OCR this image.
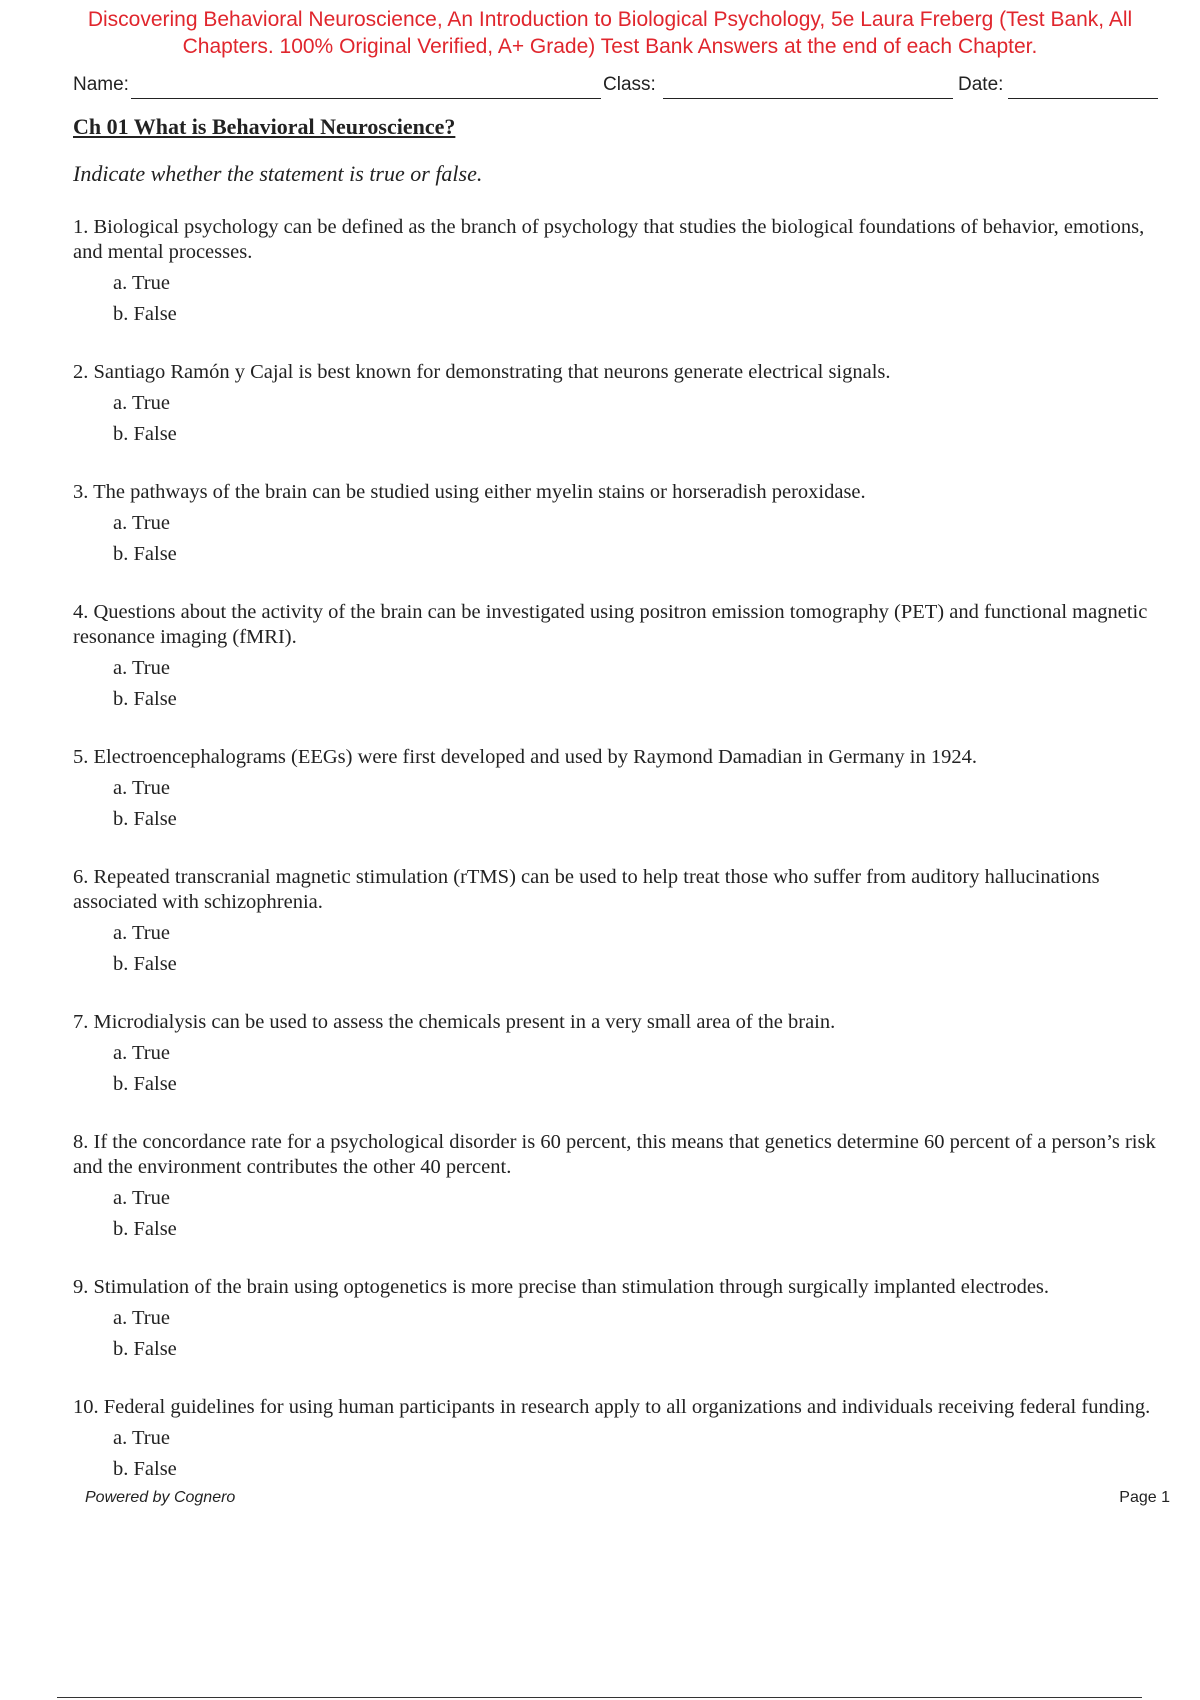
Discovering Behavioral Neuroscience, An Introduction to Biological Psychology, 5e Laura Freberg (Test Bank, All
Chapters. 100% Original Verified, A+ Grade) Test Bank Answers at the end of each Chapter.
Name:	Class:	Date:
Ch 01 What is Behavioral Neuroscience?
Indicate whether the statement is true or false.
1. Biological psychology can be defined as the branch of psychology that studies the biological foundations of behavior, emotions, and mental processes.
a. True
b. False
2. Santiago Ramón y Cajal is best known for demonstrating that neurons generate electrical signals.
a. True
b. False
3. The pathways of the brain can be studied using either myelin stains or horseradish peroxidase.
a. True
b. False
4. Questions about the activity of the brain can be investigated using positron emission tomography (PET) and functional magnetic resonance imaging (fMRI).
a. True
b. False
5. Electroencephalograms (EEGs) were first developed and used by Raymond Damadian in Germany in 1924.
a. True
b. False
6. Repeated transcranial magnetic stimulation (rTMS) can be used to help treat those who suffer from auditory hallucinations associated with schizophrenia.
a. True
b. False
7. Microdialysis can be used to assess the chemicals present in a very small area of the brain.
a. True
b. False
8. If the concordance rate for a psychological disorder is 60 percent, this means that genetics determine 60 percent of a person’s risk and the environment contributes the other 40 percent.
a. True
b. False
9. Stimulation of the brain using optogenetics is more precise than stimulation through surgically implanted electrodes.
a. True
b. False
10. Federal guidelines for using human participants in research apply to all organizations and individuals receiving federal funding.
a. True
b. False
Powered by Cognero	Page 1
